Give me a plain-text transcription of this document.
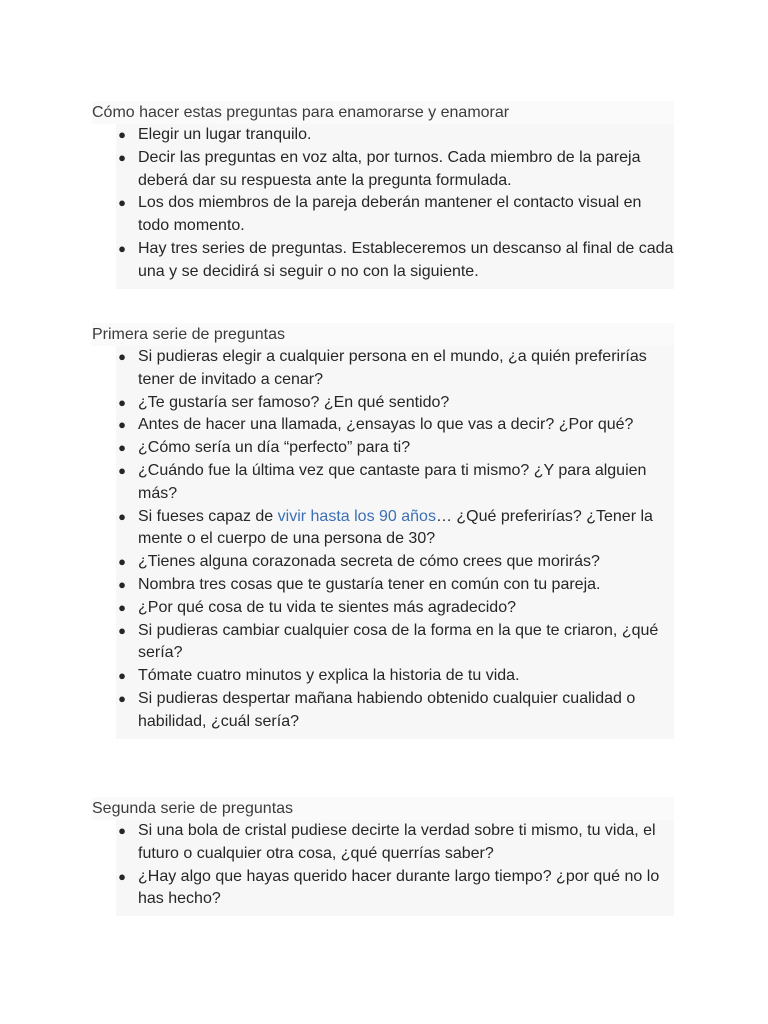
Cómo hacer estas preguntas para enamorarse y enamorar
● Elegir un lugar tranquilo.
● Decir las preguntas en voz alta, por turnos. Cada miembro de la pareja deberá dar su respuesta ante la pregunta formulada.
● Los dos miembros de la pareja deberán mantener el contacto visual en todo momento.
● Hay tres series de preguntas. Estableceremos un descanso al final de cada una y se decidirá si seguir o no con la siguiente.
Primera serie de preguntas
● Si pudieras elegir a cualquier persona en el mundo, ¿a quién preferirías tener de invitado a cenar?
● ¿Te gustaría ser famoso? ¿En qué sentido?
● Antes de hacer una llamada, ¿ensayas lo que vas a decir? ¿Por qué?
● ¿Cómo sería un día “perfecto” para ti?
● ¿Cuándo fue la última vez que cantaste para ti mismo? ¿Y para alguien más?
● Si fueses capaz de vivir hasta los 90 años… ¿Qué preferirías? ¿Tener la mente o el cuerpo de una persona de 30?
● ¿Tienes alguna corazonada secreta de cómo crees que morirás?
● Nombra tres cosas que te gustaría tener en común con tu pareja.
● ¿Por qué cosa de tu vida te sientes más agradecido?
● Si pudieras cambiar cualquier cosa de la forma en la que te criaron, ¿qué sería?
● Tómate cuatro minutos y explica la historia de tu vida.
● Si pudieras despertar mañana habiendo obtenido cualquier cualidad o habilidad, ¿cuál sería?
Segunda serie de preguntas
● Si una bola de cristal pudiese decirte la verdad sobre ti mismo, tu vida, el futuro o cualquier otra cosa, ¿qué querrías saber?
● ¿Hay algo que hayas querido hacer durante largo tiempo? ¿por qué no lo has hecho?
